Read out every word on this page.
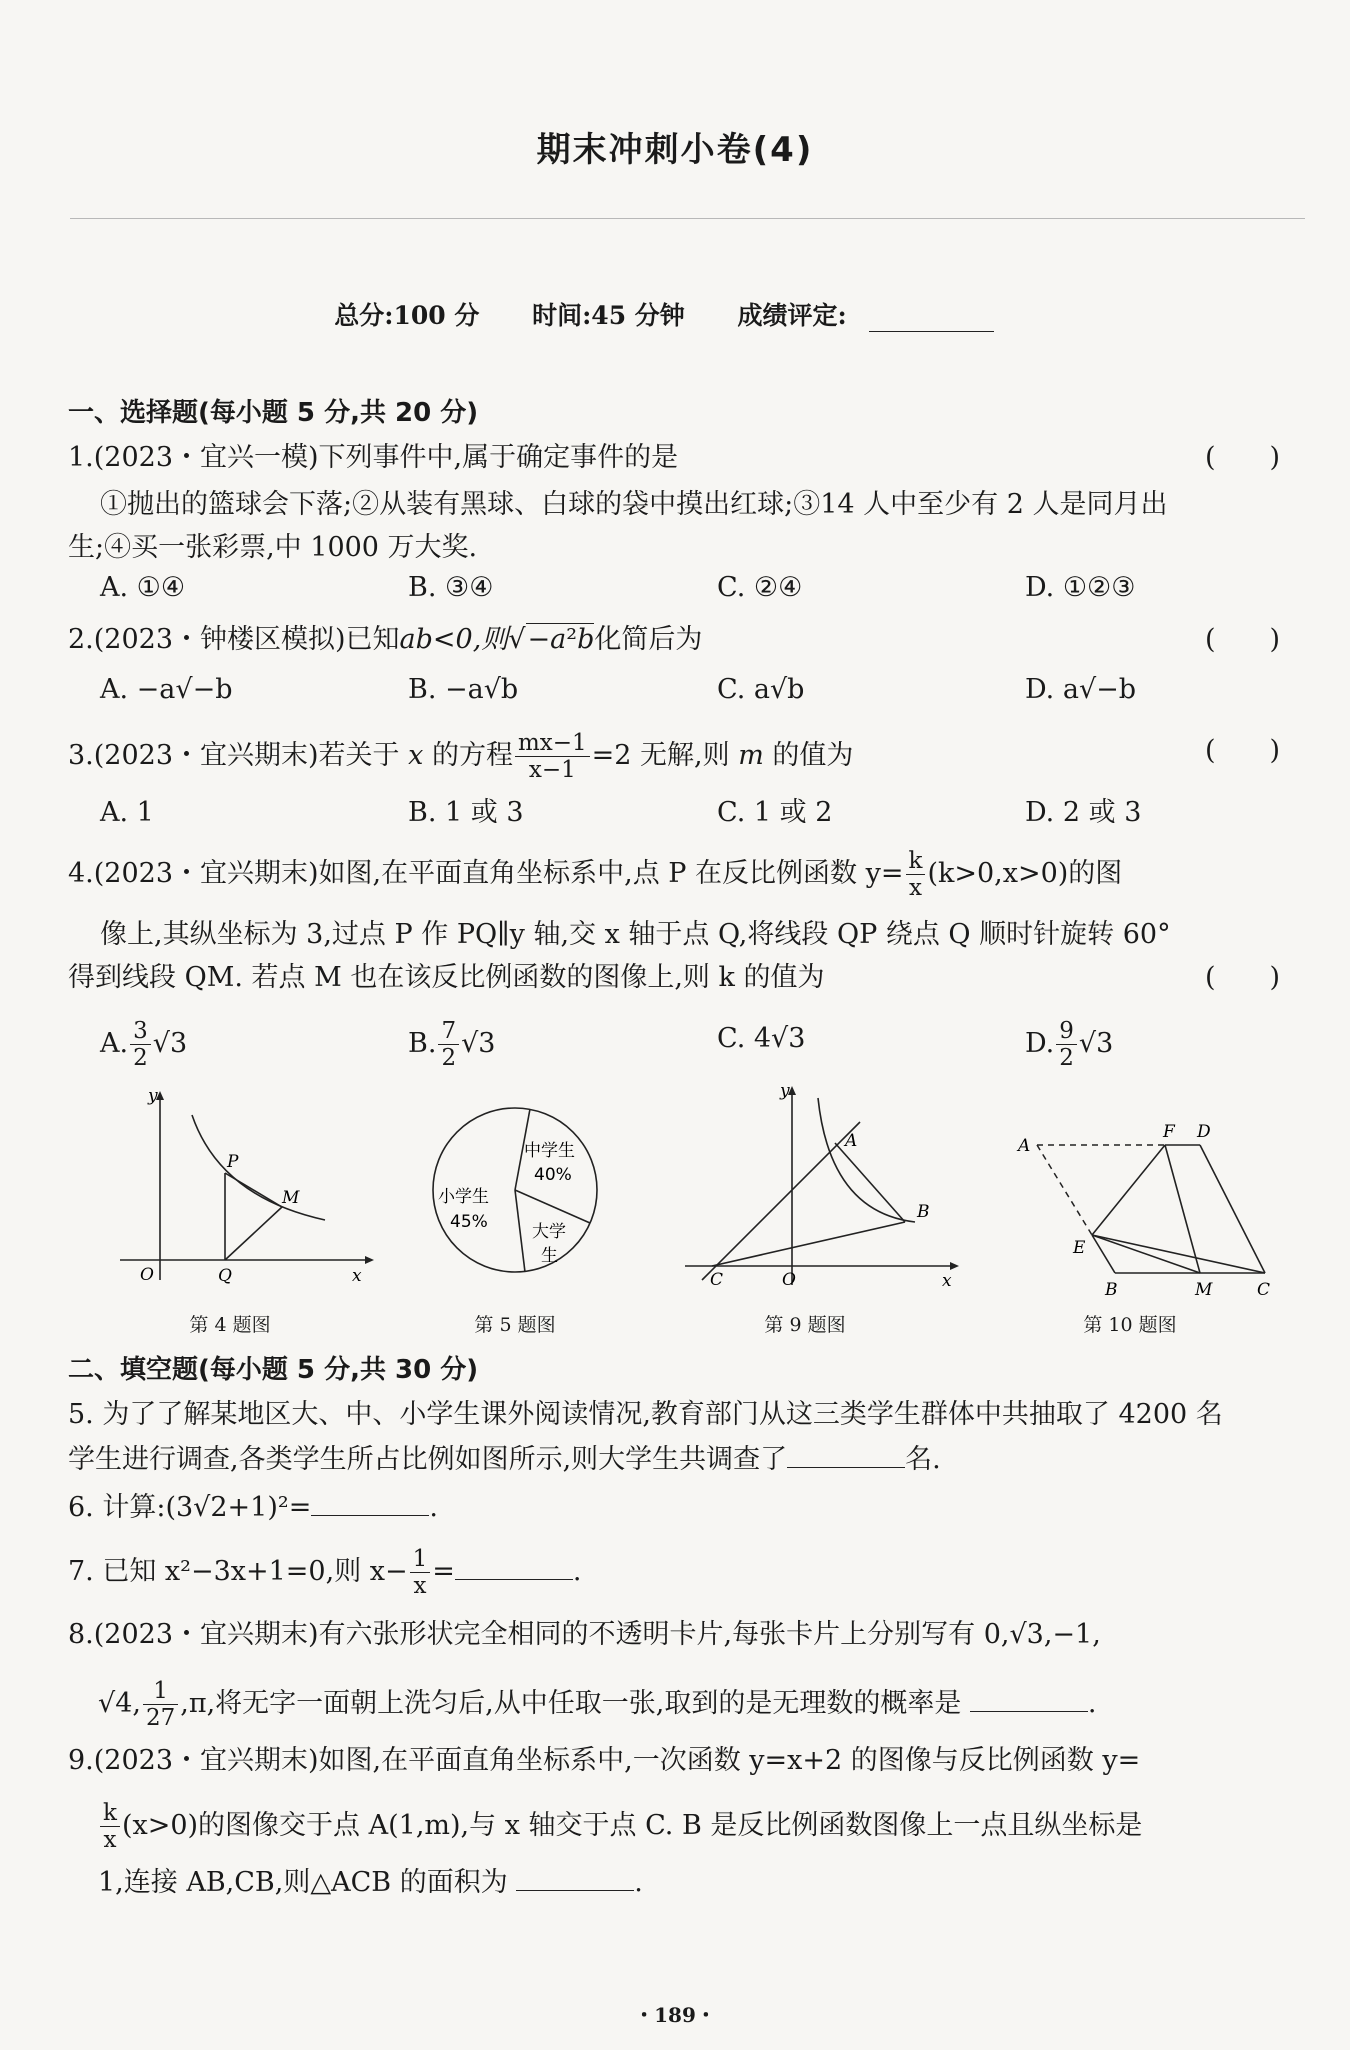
期末冲刺小卷(4)
总分:100 分 时间:45 分钟 成绩评定:
一、选择题(每小题 5 分,共 20 分)
1.(2023・宜兴一模)下列事件中,属于确定事件的是	(　　)
①抛出的篮球会下落;②从装有黑球、白球的袋中摸出红球;③14 人中至少有 2 人是同月出
生;④买一张彩票,中 1000 万大奖.
A. ①④	B. ③④	C. ②④	D. ①②③
2.(2023・钟楼区模拟)已知ab<0,则√−a²b化简后为	(　　)
A. −a√−b	B. −a√b	C. a√b	D. a√−b
3.(2023・宜兴期末)若关于 x 的方程 $\frac{mx-1}{x-1} =2$ 无解,则 m 的值为	(　　)
A. 1	B. 1 或 3	C. 1 或 2	D. 2 或 3
4.(2023・宜兴期末)如图,在平面直角坐标系中,点 P 在反比例函数 $y= \frac{k}{x} (k>0,x>0)$的图
像上,其纵坐标为 3,过点 P 作 PQ∥y 轴,交 x 轴于点 Q,将线段 QP 绕点 Q 顺时针旋转 60°
得到线段 QM. 若点 M 也在该反比例函数的图像上,则 k 的值为	(　　)
A. $\frac{3}{2} √3$	B. $\frac{7}{2} √3$	C. 4√3	D. $\frac{9}{2} √3$
y
x
O
P
Q
M
中学生
40%
小学生
45%	大学
生
y
x
O
A
B
C
A
F D
E
B	M	C
第 4 题图	第 5 题图	第 9 题图	第 10 题图
二、填空题(每小题 5 分,共 30 分)
5. 为了了解某地区大、中、小学生课外阅读情况,教育部门从这三类学生群体中共抽取了 4200 名
学生进行调查,各类学生所占比例如图所示,则大学生共调查了	名.
6. 计算:(3√2+1)²=	.
7. 已知 x²−3x+1=0,则 $x- \frac{1}{x}$ =	.
8.(2023・宜兴期末)有六张形状完全相同的不透明卡片,每张卡片上分别写有 0,√3,−1,
√4, $\frac{1}{27} ,\pi$,将无字一面朝上洗匀后,从中任取一张,取到的是无理数的概率是	.
9.(2023・宜兴期末)如图,在平面直角坐标系中,一次函数 y=x+2 的图像与反比例函数 y=
$\frac{k}{x} (x>0)$的图像交于点 A(1,m),与 x 轴交于点 C. B 是反比例函数图像上一点且纵坐标是
1,连接 AB,CB,则△ACB 的面积为	.
・189・
